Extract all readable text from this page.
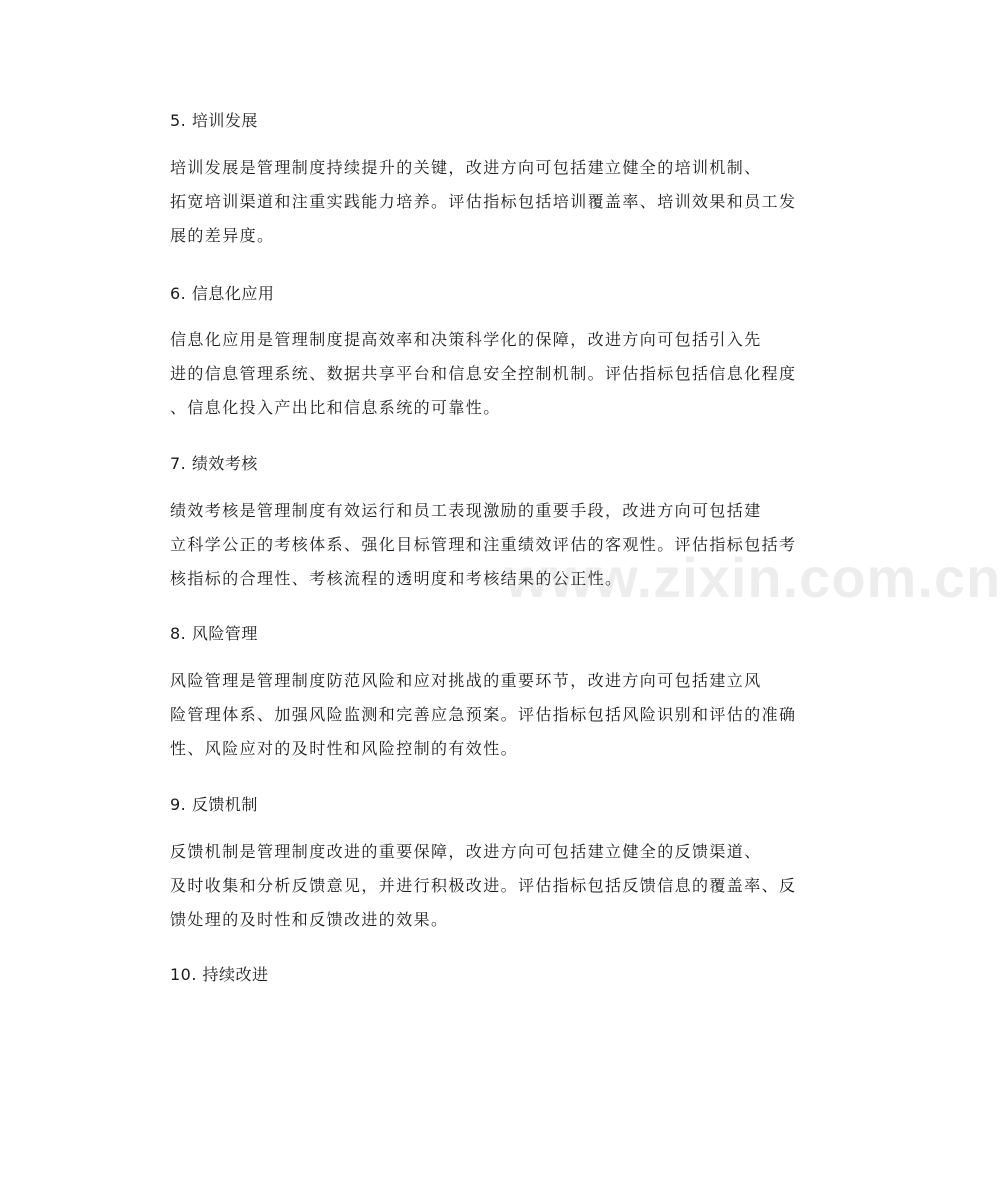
www.zixin.com.cn
5. 培训发展
培训发展是管理制度持续提升的关键，改进方向可包括建立健全的培训机制、
拓宽培训渠道和注重实践能力培养。评估指标包括培训覆盖率、培训效果和员工发
展的差异度。
6. 信息化应用
信息化应用是管理制度提高效率和决策科学化的保障，改进方向可包括引入先
进的信息管理系统、数据共享平台和信息安全控制机制。评估指标包括信息化程度
、信息化投入产出比和信息系统的可靠性。
7. 绩效考核
绩效考核是管理制度有效运行和员工表现激励的重要手段，改进方向可包括建
立科学公正的考核体系、强化目标管理和注重绩效评估的客观性。评估指标包括考
核指标的合理性、考核流程的透明度和考核结果的公正性。
8. 风险管理
风险管理是管理制度防范风险和应对挑战的重要环节，改进方向可包括建立风
险管理体系、加强风险监测和完善应急预案。评估指标包括风险识别和评估的准确
性、风险应对的及时性和风险控制的有效性。
9. 反馈机制
反馈机制是管理制度改进的重要保障，改进方向可包括建立健全的反馈渠道、
及时收集和分析反馈意见，并进行积极改进。评估指标包括反馈信息的覆盖率、反
馈处理的及时性和反馈改进的效果。
10. 持续改进
